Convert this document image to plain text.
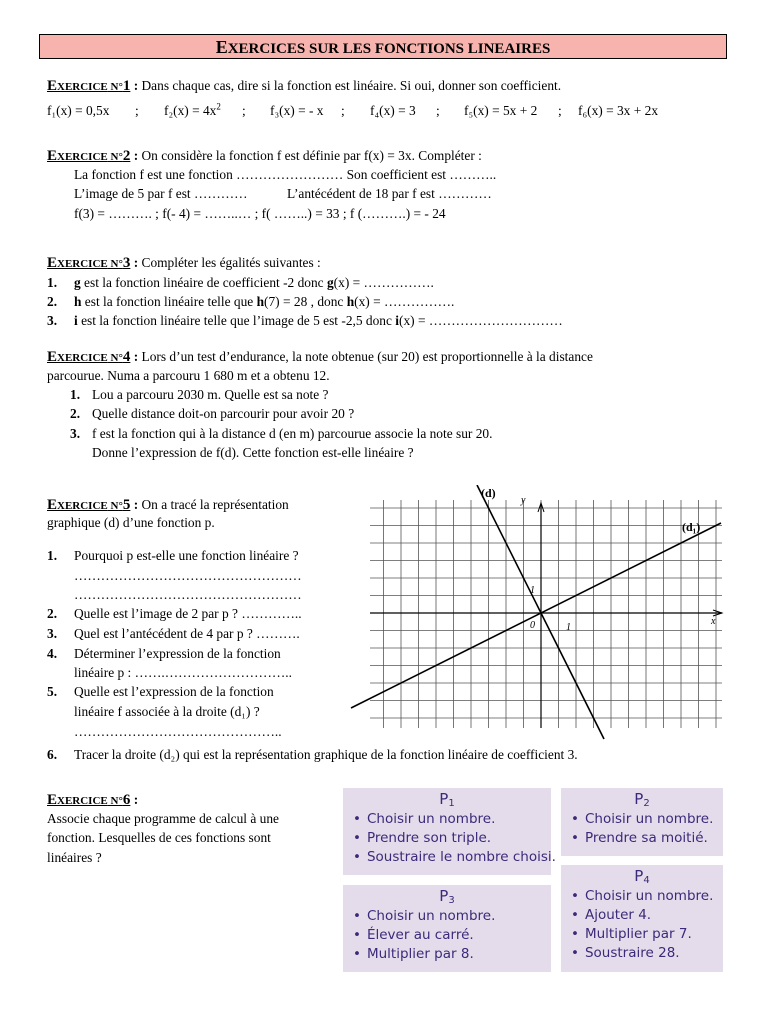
EXERCICES SUR LES FONCTIONS LINEAIRES
EXERCICE N°1 : Dans chaque cas, dire si la fonction est linéaire. Si oui, donner son coefficient.
f₁(x) = 0,5x ; $f_2(x) = 4x^2$ ; f₃(x) = - x ; f₄(x) = 3 ; f₅(x) = 5x + 2 ; f₆(x) = 3x + 2x
EXERCICE N°2 : On considère la fonction f est définie par f(x) = 3x. Compléter :
La fonction f est une fonction …………………… Son coefficient est ………..
L’image de 5 par f est …………	L’antécédent de 18 par f est …………
f(3) = ………. ; f(- 4) = ……..… ; f( ……..) = 33 ; f (……….) = - 24
EXERCICE N°3 : Compléter les égalités suivantes :
1. g est la fonction linéaire de coefficient -2 donc g(x) = …………….
2. h est la fonction linéaire telle que h(7) = 28 , donc h(x) = …………….
3. i est la fonction linéaire telle que l’image de 5 est -2,5 donc i(x) = …………………………
EXERCICE N°4 : Lors d’un test d’endurance, la note obtenue (sur 20) est proportionnelle à la distance
parcourue. Numa a parcouru 1 680 m et a obtenu 12.
1. Lou a parcouru 2030 m. Quelle est sa note ?
2. Quelle distance doit-on parcourir pour avoir 20 ?
3. f est la fonction qui à la distance d (en m) parcourue associe la note sur 20.
Donne l’expression de f(d). Cette fonction est-elle linéaire ?
EXERCICE N°5 : On a tracé la représentation
graphique (d) d’une fonction p.
1. Pourquoi p est-elle une fonction linéaire ?
……………………………………………
……………………………………………
2. Quelle est l’image de 2 par p ? …………..
3. Quel est l’antécédent de 4 par p ? ……….
4. Déterminer l’expression de la fonction
linéaire p : …….………………………..
5. Quelle est l’expression de la fonction
linéaire f associée à la droite (d₁) ?
………………………………………..
6. Tracer la droite (d₂) qui est la représentation graphique de la fonction linéaire de coefficient 3.
(d)
(d₁)
y
x
0	1
1
EXERCICE N°6 :
Associe chaque programme de calcul à une
fonction. Lesquelles de ces fonctions sont
linéaires ?
$P_1$
• Choisir un nombre.
• Prendre son triple.
• Soustraire le nombre choisi.
$P_2$
• Choisir un nombre.
• Prendre sa moitié.
$P_3$
• Choisir un nombre.
• Élever au carré.
• Multiplier par 8.
$P_4$
• Choisir un nombre.
• Ajouter 4.
• Multiplier par 7.
• Soustraire 28.
